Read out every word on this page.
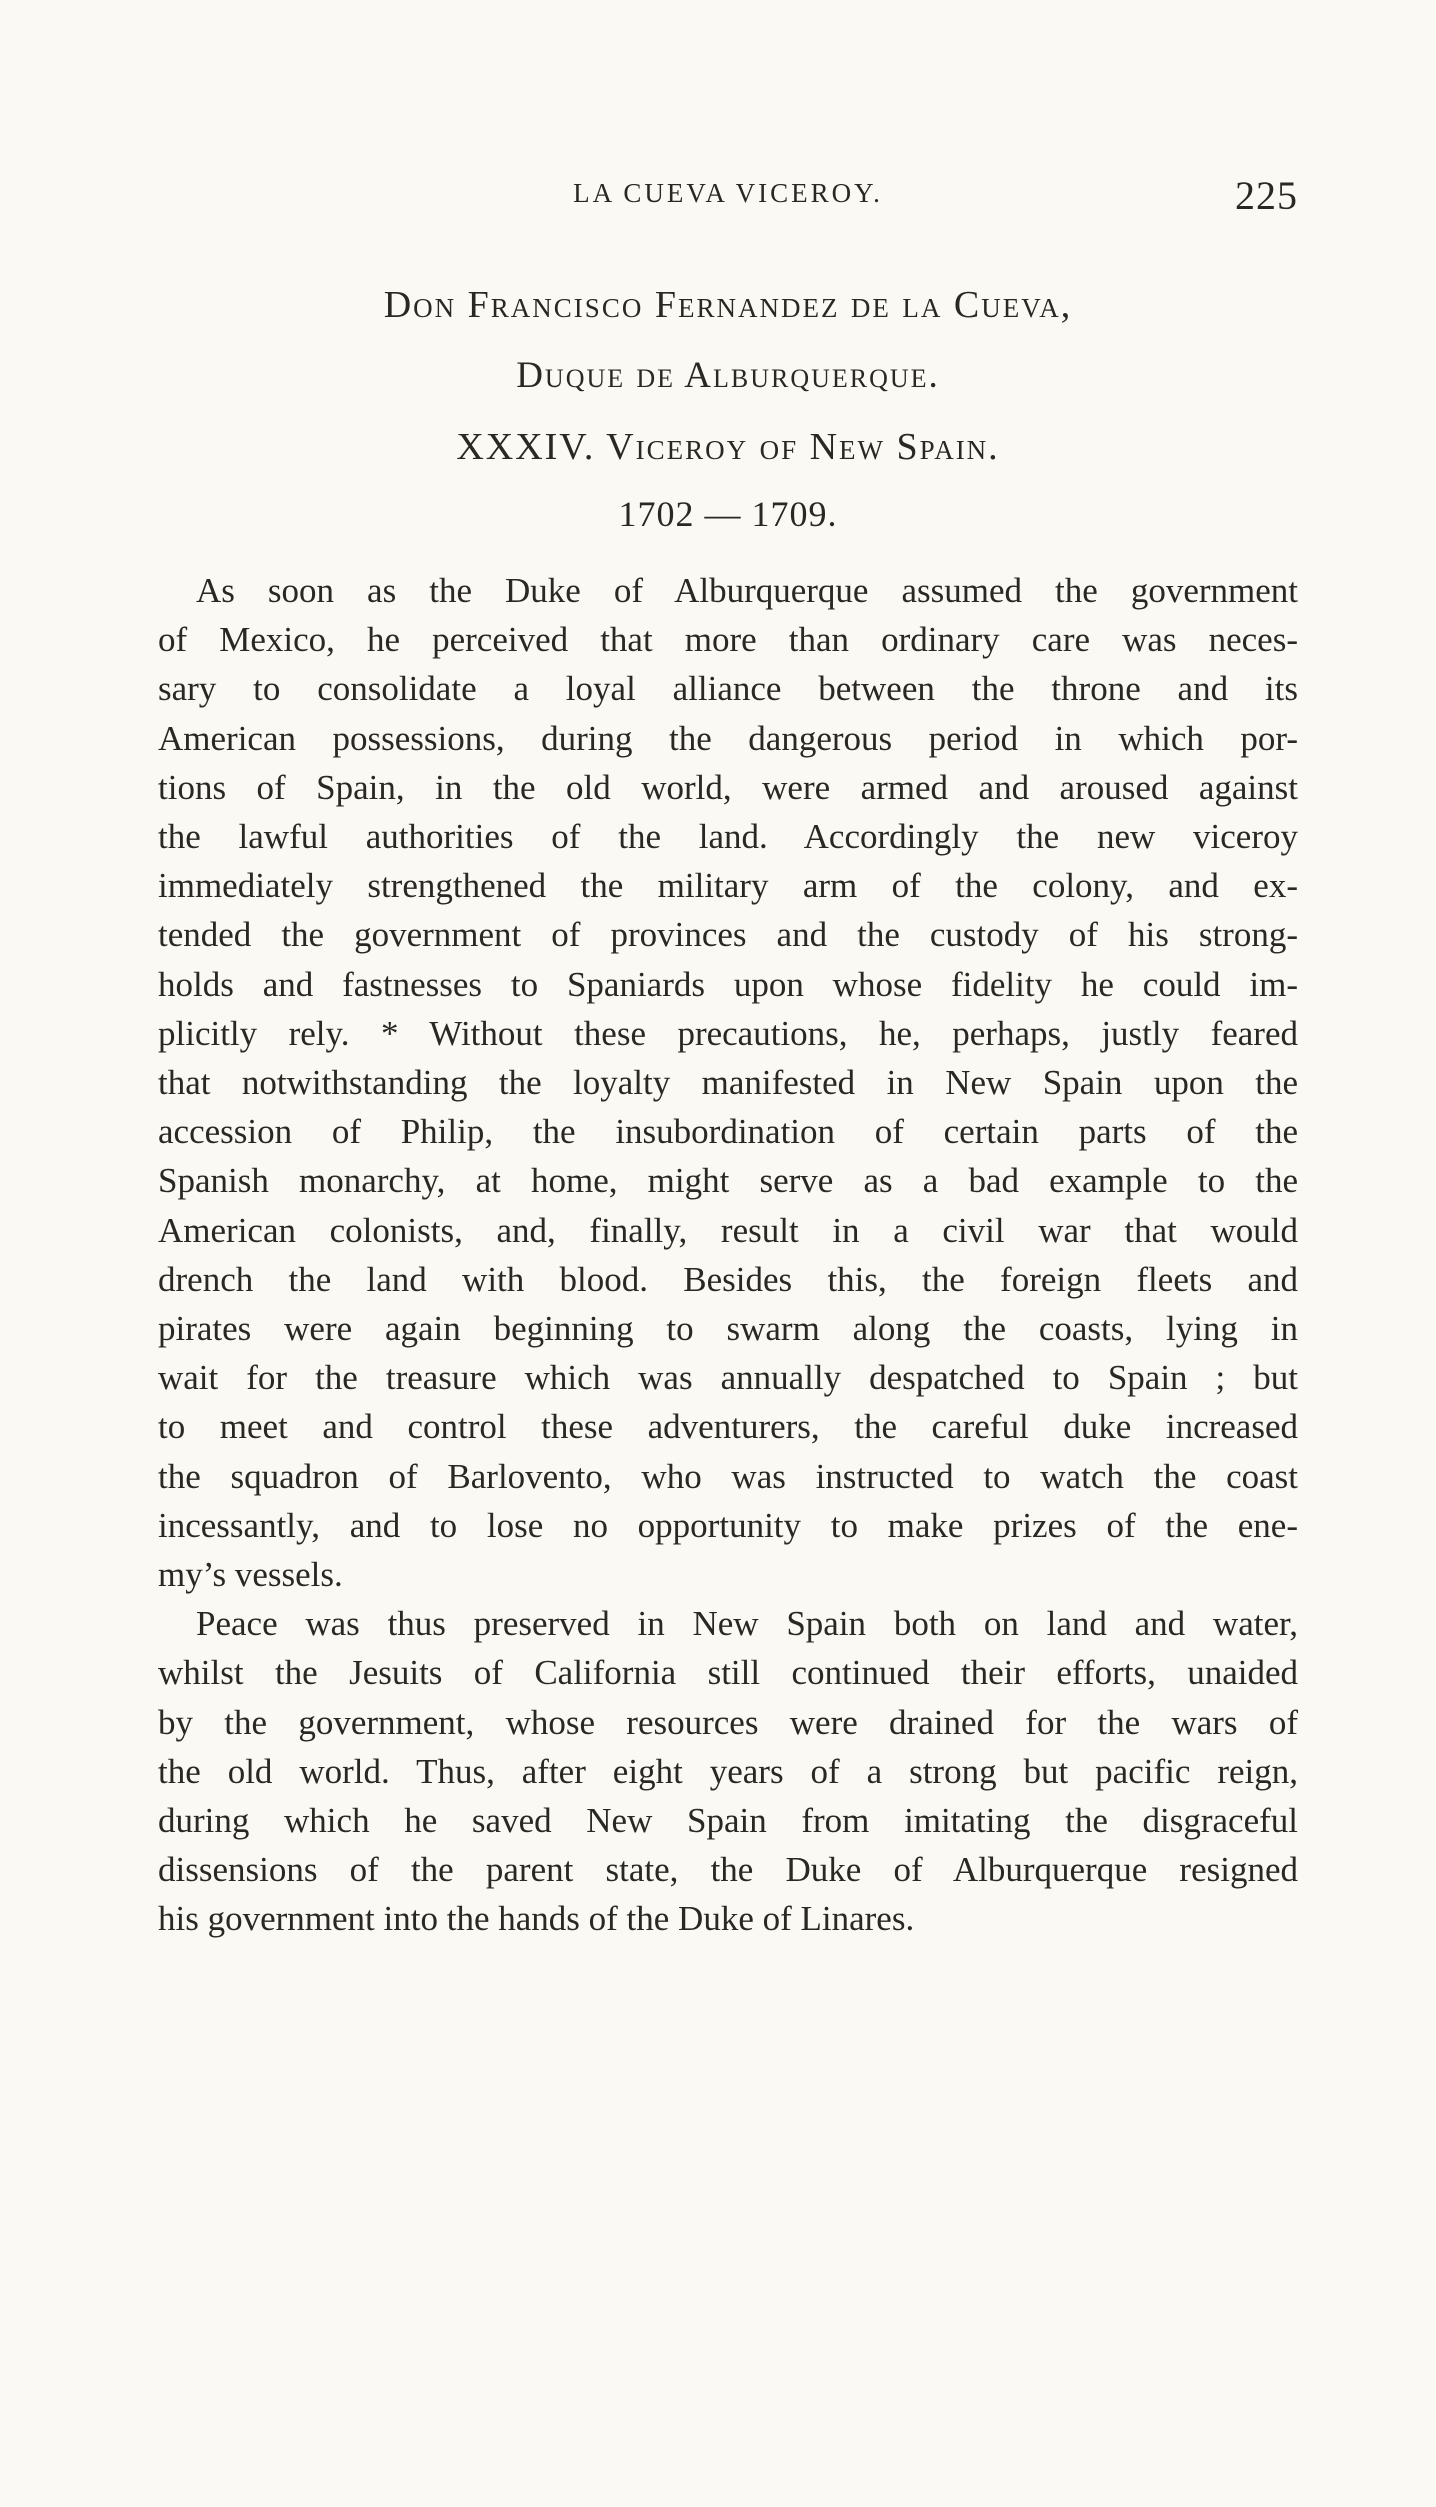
LA CUEVA VICEROY.	225
Don Francisco Fernandez de la Cueva,
Duque de Alburquerque.
XXXIV. Viceroy of New Spain.
1702 — 1709.

As soon as the Duke of Alburquerque assumed the government

of Mexico, he perceived that more than ordinary care was neces-

sary to consolidate a loyal alliance between the throne and its

American possessions, during the dangerous period in which por-

tions of Spain, in the old world, were armed and aroused against

the lawful authorities of the land. Accordingly the new viceroy

immediately strengthened the military arm of the colony, and ex-

tended the government of provinces and the custody of his strong-

holds and fastnesses to Spaniards upon whose fidelity he could im-

plicitly rely. * Without these precautions, he, perhaps, justly feared

that notwithstanding the loyalty manifested in New Spain upon the

accession of Philip, the insubordination of certain parts of the

Spanish monarchy, at home, might serve as a bad example to the

American colonists, and, finally, result in a civil war that would

drench the land with blood. Besides this, the foreign fleets and

pirates were again beginning to swarm along the coasts, lying in

wait for the treasure which was annually despatched to Spain ; but

to meet and control these adventurers, the careful duke increased

the squadron of Barlovento, who was instructed to watch the coast

incessantly, and to lose no opportunity to make prizes of the ene-

my’s vessels.

Peace was thus preserved in New Spain both on land and water,

whilst the Jesuits of California still continued their efforts, unaided

by the government, whose resources were drained for the wars of

the old world. Thus, after eight years of a strong but pacific reign,

during which he saved New Spain from imitating the disgraceful

dissensions of the parent state, the Duke of Alburquerque resigned

his government into the hands of the Duke of Linares.
